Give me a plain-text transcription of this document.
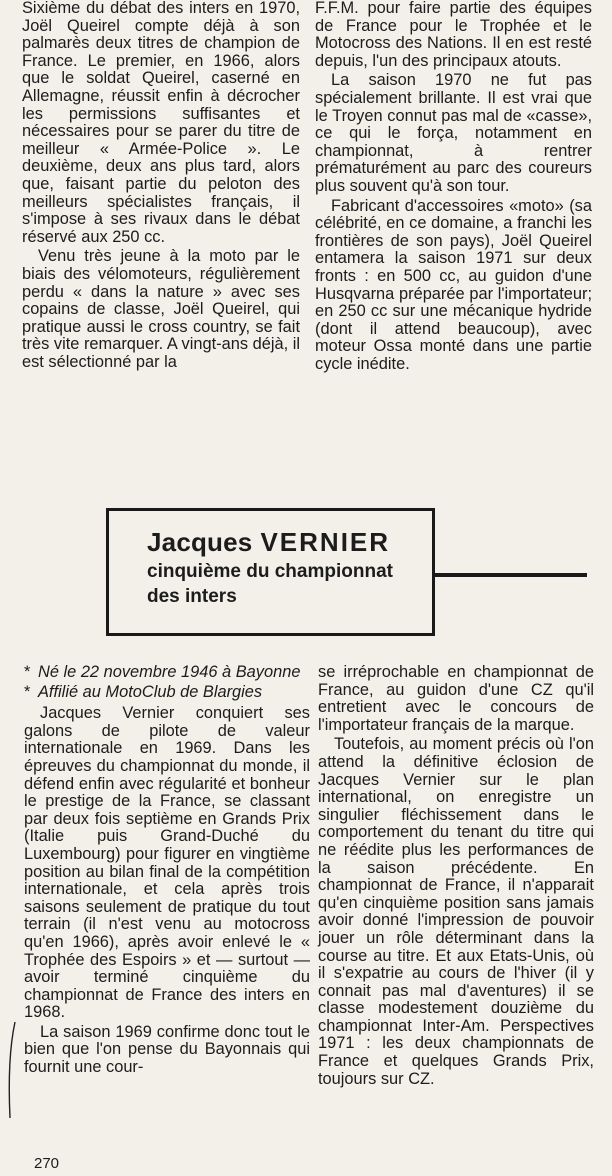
Sixième du débat des inters en 1970, Joël Queirel compte déjà à son palmarès deux titres de champion de France. Le premier, en 1966, alors que le soldat Queirel, caserné en Allemagne, réussit enfin à décrocher les permissions suffisantes et nécessaires pour se parer du titre de meilleur « Armée-Police ». Le deuxième, deux ans plus tard, alors que, faisant partie du peloton des meilleurs spécialistes français, il s'impose à ses rivaux dans le débat réservé aux 250 cc.

Venu très jeune à la moto par le biais des vélomoteurs, régulièrement perdu « dans la nature » avec ses copains de classe, Joël Queirel, qui pratique aussi le cross country, se fait très vite remarquer. A vingt-ans déjà, il est sélectionné par la

F.F.M. pour faire partie des équipes de France pour le Trophée et le Motocross des Nations. Il en est resté depuis, l'un des principaux atouts.

La saison 1970 ne fut pas spécialement brillante. Il est vrai que le Troyen connut pas mal de «casse», ce qui le força, notamment en championnat, à rentrer prématurément au parc des coureurs plus souvent qu'à son tour.

Fabricant d'accessoires «moto» (sa célébrité, en ce domaine, a franchi les frontières de son pays), Joël Queirel entamera la saison 1971 sur deux fronts : en 500 cc, au guidon d'une Husqvarna préparée par l'importateur; en 250 cc sur une mécanique hydride (dont il attend beaucoup), avec moteur Ossa monté dans une partie cycle inédite.

Jacques VERNIER
cinquième du championnat
des inters

* Né le 22 novembre 1946 à Bayonne

* Affilié au MotoClub de Blargies

Jacques Vernier conquiert ses galons de pilote de valeur internationale en 1969. Dans les épreuves du championnat du monde, il défend enfin avec régularité et bonheur le prestige de la France, se classant par deux fois septième en Grands Prix (Italie puis Grand-Duché du Luxembourg) pour figurer en vingtième position au bilan final de la compétition internationale, et cela après trois saisons seulement de pratique du tout terrain (il n'est venu au motocross qu'en 1966), après avoir enlevé le « Trophée des Espoirs » et — surtout — avoir terminé cinquième du championnat de France des inters en 1968.

La saison 1969 confirme donc tout le bien que l'on pense du Bayonnais qui fournit une cour-

se irréprochable en championnat de France, au guidon d'une CZ qu'il entretient avec le concours de l'importateur français de la marque.

Toutefois, au moment précis où l'on attend la définitive éclosion de Jacques Vernier sur le plan international, on enregistre un singulier fléchissement dans le comportement du tenant du titre qui ne réédite plus les performances de la saison précédente. En championnat de France, il n'apparait qu'en cinquième position sans jamais avoir donné l'impression de pouvoir jouer un rôle déterminant dans la course au titre. Et aux Etats-Unis, où il s'expatrie au cours de l'hiver (il y connait pas mal d'aventures) il se classe modestement douzième du championnat Inter-Am. Perspectives 1971 : les deux championnats de France et quelques Grands Prix, toujours sur CZ.

270
